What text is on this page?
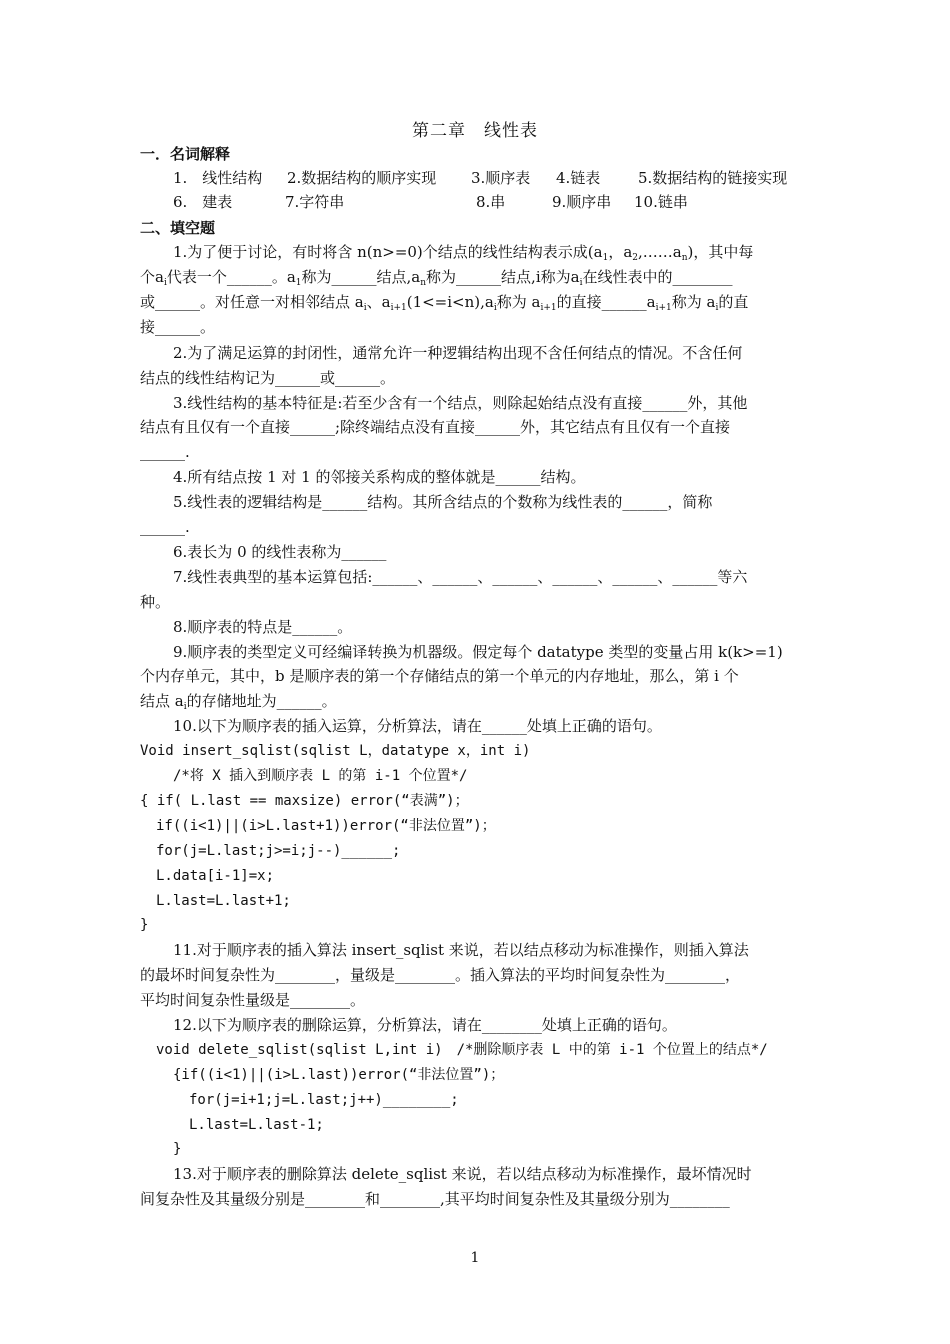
第二章　线性表
一．名词解释
1.　线性结构 2.数据结构的顺序实现 3.顺序表 4.链表	5.数据结构的链接实现
6.　建表	7.字符串	8.串	9.顺序串 10.链串
二、填空题
1.为了便于讨论，有时将含 n(n>=0)个结点的线性结构表示成($a_1$，$a_2,\dots\dots a_n$)，其中每
个$a_i$代表一个______。$a_1$称为______结点$,a_n$称为______结点,i称为$a_i$在线性表中的________
或______。对任意一对相邻结点 $a_i$、$a_{i+1}(1<=i<n),a_i$称为 $a_{i+1}$的直接$\_\_\_\_\_\_a_{i+1}$称为 $a_i$的直
接______。
2.为了满足运算的封闭性，通常允许一种逻辑结构出现不含任何结点的情况。不含任何
结点的线性结构记为______或______。
3.线性结构的基本特征是:若至少含有一个结点，则除起始结点没有直接______外，其他
结点有且仅有一个直接______;除终端结点没有直接______外，其它结点有且仅有一个直接
______.
4.所有结点按 1 对 1 的邻接关系构成的整体就是______结构。
5.线性表的逻辑结构是______结构。其所含结点的个数称为线性表的______，简称
______.
6.表长为 0 的线性表称为______
7.线性表典型的基本运算包括:______、______、______、______、______、______等六
种。
8.顺序表的特点是______。
9.顺序表的类型定义可经编译转换为机器级。假定每个 datatype 类型的变量占用 k(k>=1)
个内存单元，其中，b 是顺序表的第一个存储结点的第一个单元的内存地址，那么，第 i 个
结点 $a_i$的存储地址为______。
10.以下为顺序表的插入运算，分析算法，请在______处填上正确的语句。
Void insert_sqlist(sqlist L，datatype x，int i)
/*将 X 插入到顺序表 L 的第 i-1 个位置*/
{ if( L.last == maxsize) error(“表满”)；
if((i<1)||(i>L.last+1))error(“非法位置”)；
for(j=L.last;j>=i;j--)______;
L.data[i-1]=x;
L.last=L.last+1;
}
11.对于顺序表的插入算法 insert_sqlist 来说，若以结点移动为标准操作，则插入算法
的最坏时间复杂性为________，量级是________。插入算法的平均时间复杂性为________，
平均时间复杂性量级是________。
12.以下为顺序表的删除运算，分析算法，请在________处填上正确的语句。
void delete_sqlist(sqlist L,int i)　/*删除顺序表 L 中的第 i-1 个位置上的结点*/
{if((i<1)||(i>L.last))error(“非法位置”)；
for(j=i+1;j=L.last;j++)________;
L.last=L.last-1;
}
13.对于顺序表的删除算法 delete_sqlist 来说，若以结点移动为标准操作，最坏情况时
间复杂性及其量级分别是________和________,其平均时间复杂性及其量级分别为________
1
